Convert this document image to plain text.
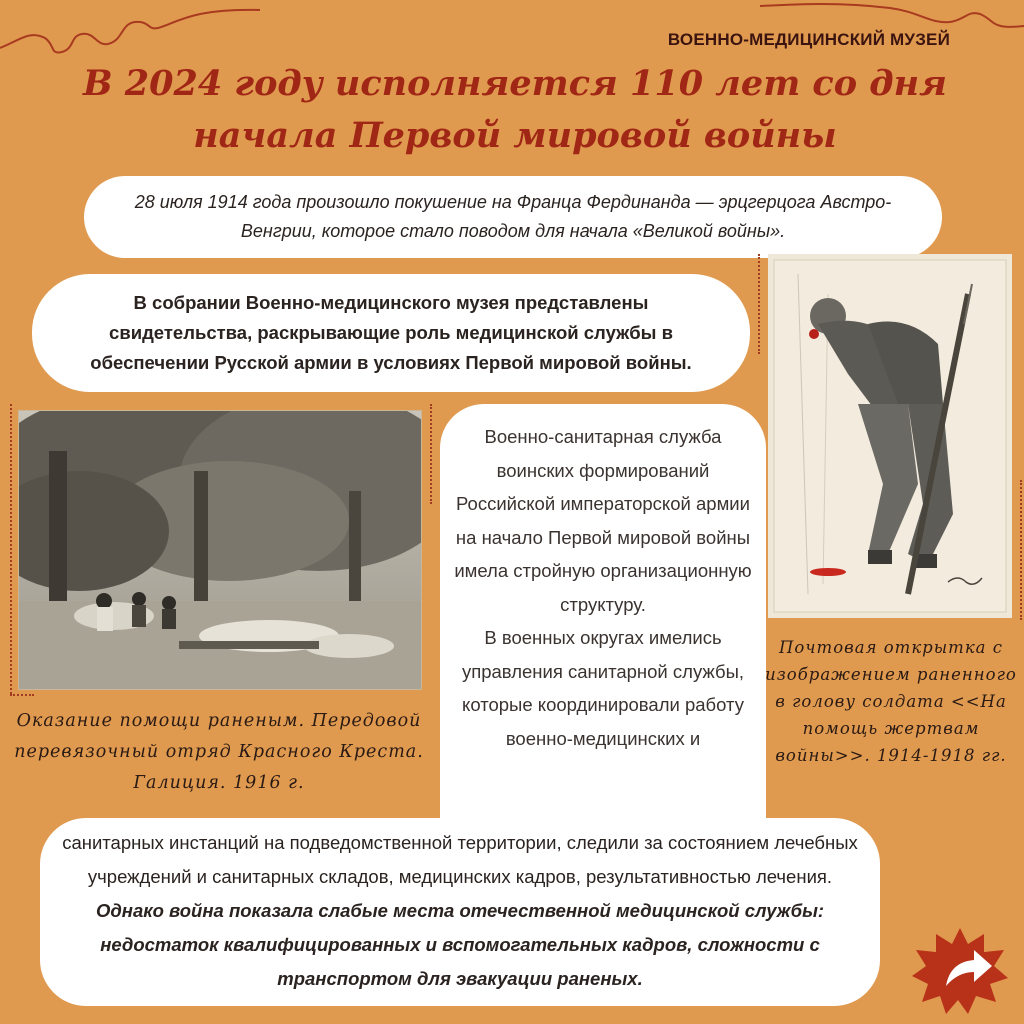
ВОЕННО-МЕДИЦИНСКИЙ МУЗЕЙ
В 2024 году исполняется 110 лет со дня
начала Первой мировой войны
28 июля 1914 года произошло покушение на Франца Фердинанда — эрцгерцога Австро-Венгрии, которое стало поводом для начала «Великой войны».
В собрании Военно-медицинского музея представлены свидетельства, раскрывающие роль медицинской службы в обеспечении Русской армии в условиях Первой мировой войны.
Военно-санитарная служба воинских формирований Российской императорской армии на начало Первой мировой войны имела стройную организационную структуру.
В военных округах имелись управления санитарной службы, которые координировали работу военно-медицинских и
санитарных инстанций на подведомственной территории, следили за состоянием лечебных учреждений и санитарных складов, медицинских кадров, результативностью лечения. Однако война показала слабые места отечественной медицинской службы: недостаток квалифицированных и вспомогательных кадров, сложности с транспортом для эвакуации раненых.
Оказание помощи раненым. Передовой перевязочный отряд Красного Креста. Галиция. 1916 г.
Почтовая открытка с изображением раненного в голову солдата <<На помощь жертвам войны>>. 1914-1918 гг.
